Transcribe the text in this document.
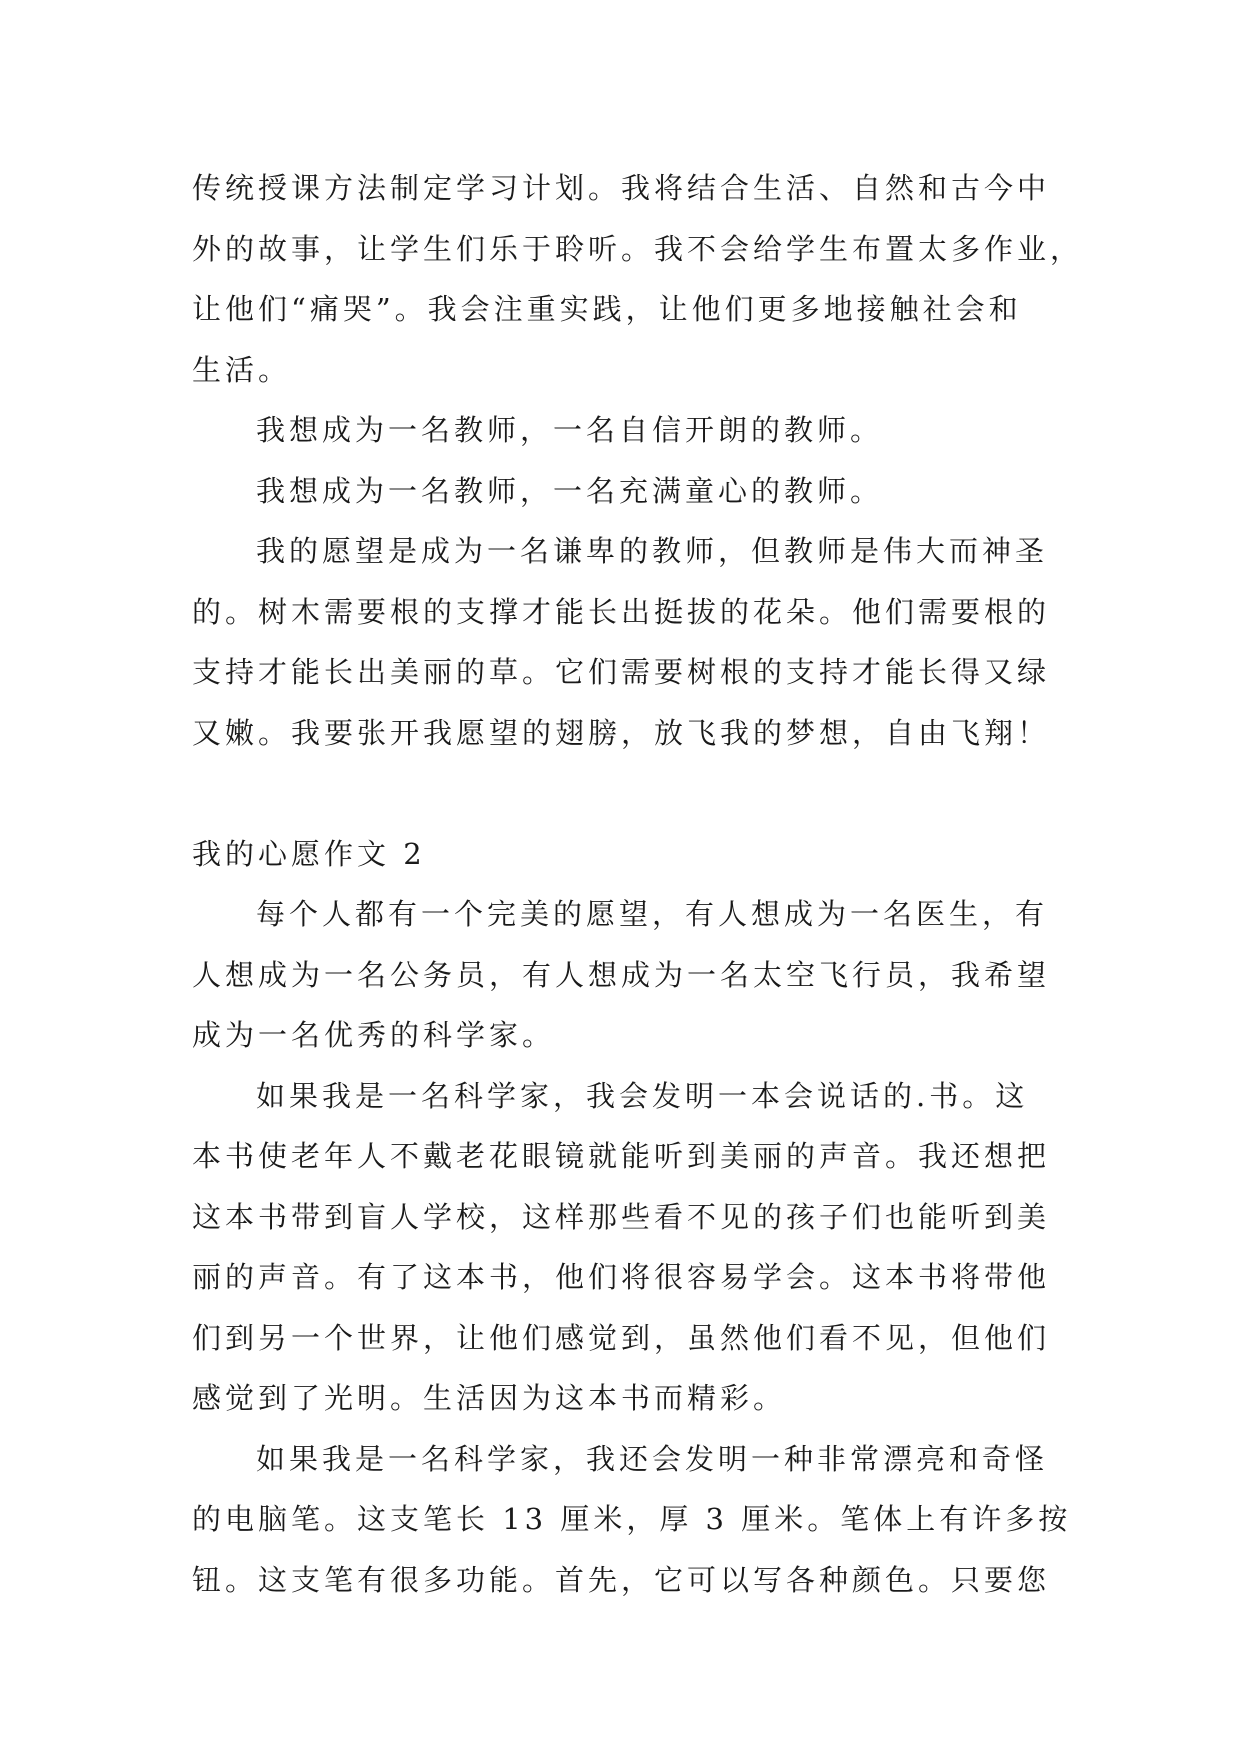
传统授课方法制定学习计划。我将结合生活、自然和古今中
外的故事，让学生们乐于聆听。我不会给学生布置太多作业，
让他们“痛哭”。我会注重实践，让他们更多地接触社会和
生活。
我想成为一名教师，一名自信开朗的教师。
我想成为一名教师，一名充满童心的教师。
我的愿望是成为一名谦卑的教师，但教师是伟大而神圣
的。树木需要根的支撑才能长出挺拔的花朵。他们需要根的
支持才能长出美丽的草。它们需要树根的支持才能长得又绿
又嫩。我要张开我愿望的翅膀，放飞我的梦想，自由飞翔！
我的心愿作文 2
每个人都有一个完美的愿望，有人想成为一名医生，有
人想成为一名公务员，有人想成为一名太空飞行员，我希望
成为一名优秀的科学家。
如果我是一名科学家，我会发明一本会说话的.书。这
本书使老年人不戴老花眼镜就能听到美丽的声音。我还想把
这本书带到盲人学校，这样那些看不见的孩子们也能听到美
丽的声音。有了这本书，他们将很容易学会。这本书将带他
们到另一个世界，让他们感觉到，虽然他们看不见，但他们
感觉到了光明。生活因为这本书而精彩。
如果我是一名科学家，我还会发明一种非常漂亮和奇怪
的电脑笔。这支笔长 13 厘米，厚 3 厘米。笔体上有许多按
钮。这支笔有很多功能。首先，它可以写各种颜色。只要您
